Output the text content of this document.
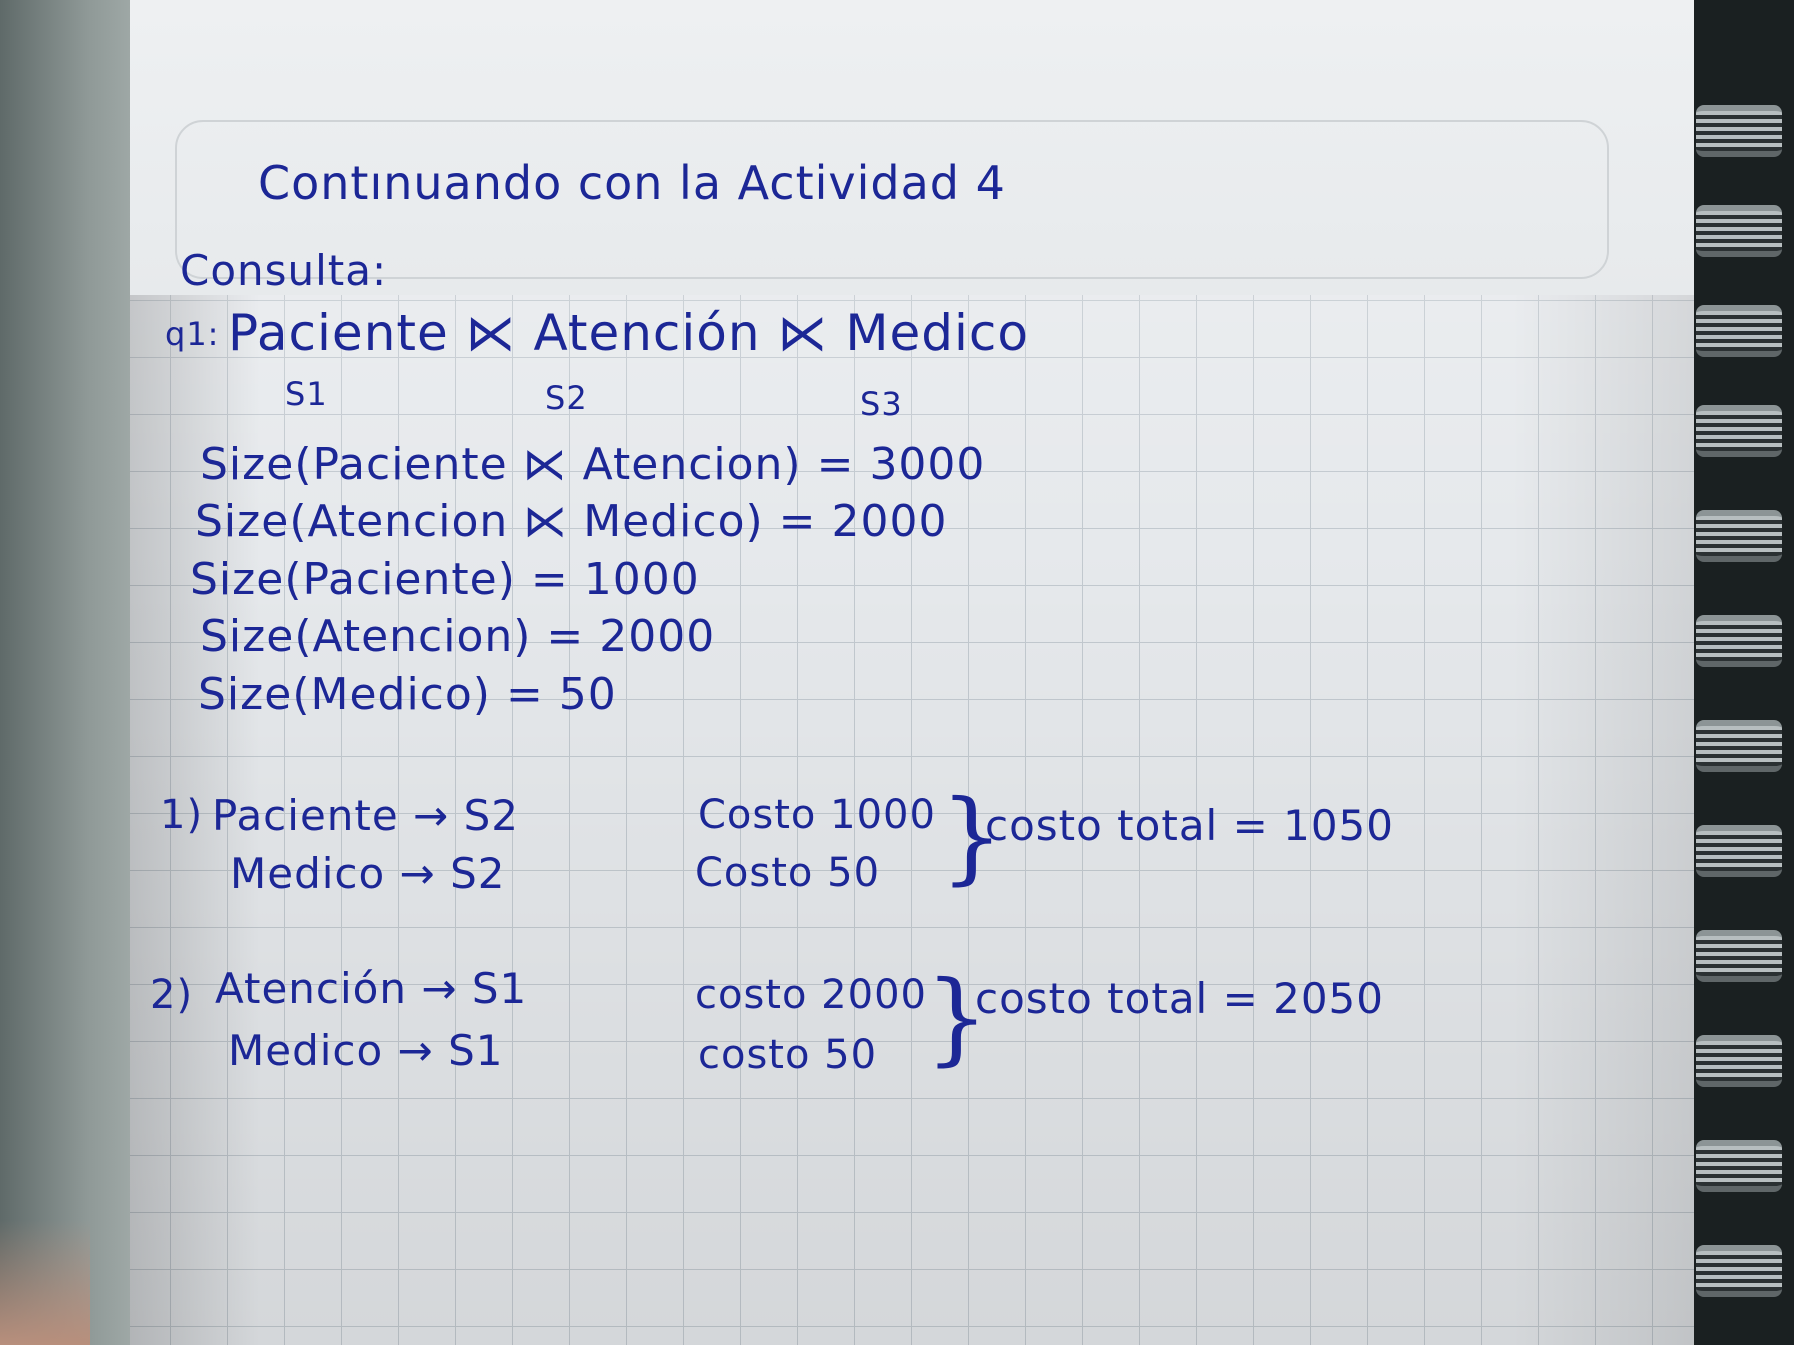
Contınuando con la Actividad 4

Consulta:

q1: Paciente ⋉ Atención ⋉ Medico

S1	S2	S3

Size(Paciente ⋉ Atencion) = 3000

Size(Atencion ⋉ Medico) = 2000

Size(Paciente) = 1000

Size(Atencion) = 2000

Size(Medico) = 50

1) Paciente → S2

Medico → S2

Costo 1000

Costo 50 }

costo total = 1050

2) Atención → S1

Medico → S1

costo 2000

costo 50 }

costo total = 2050
